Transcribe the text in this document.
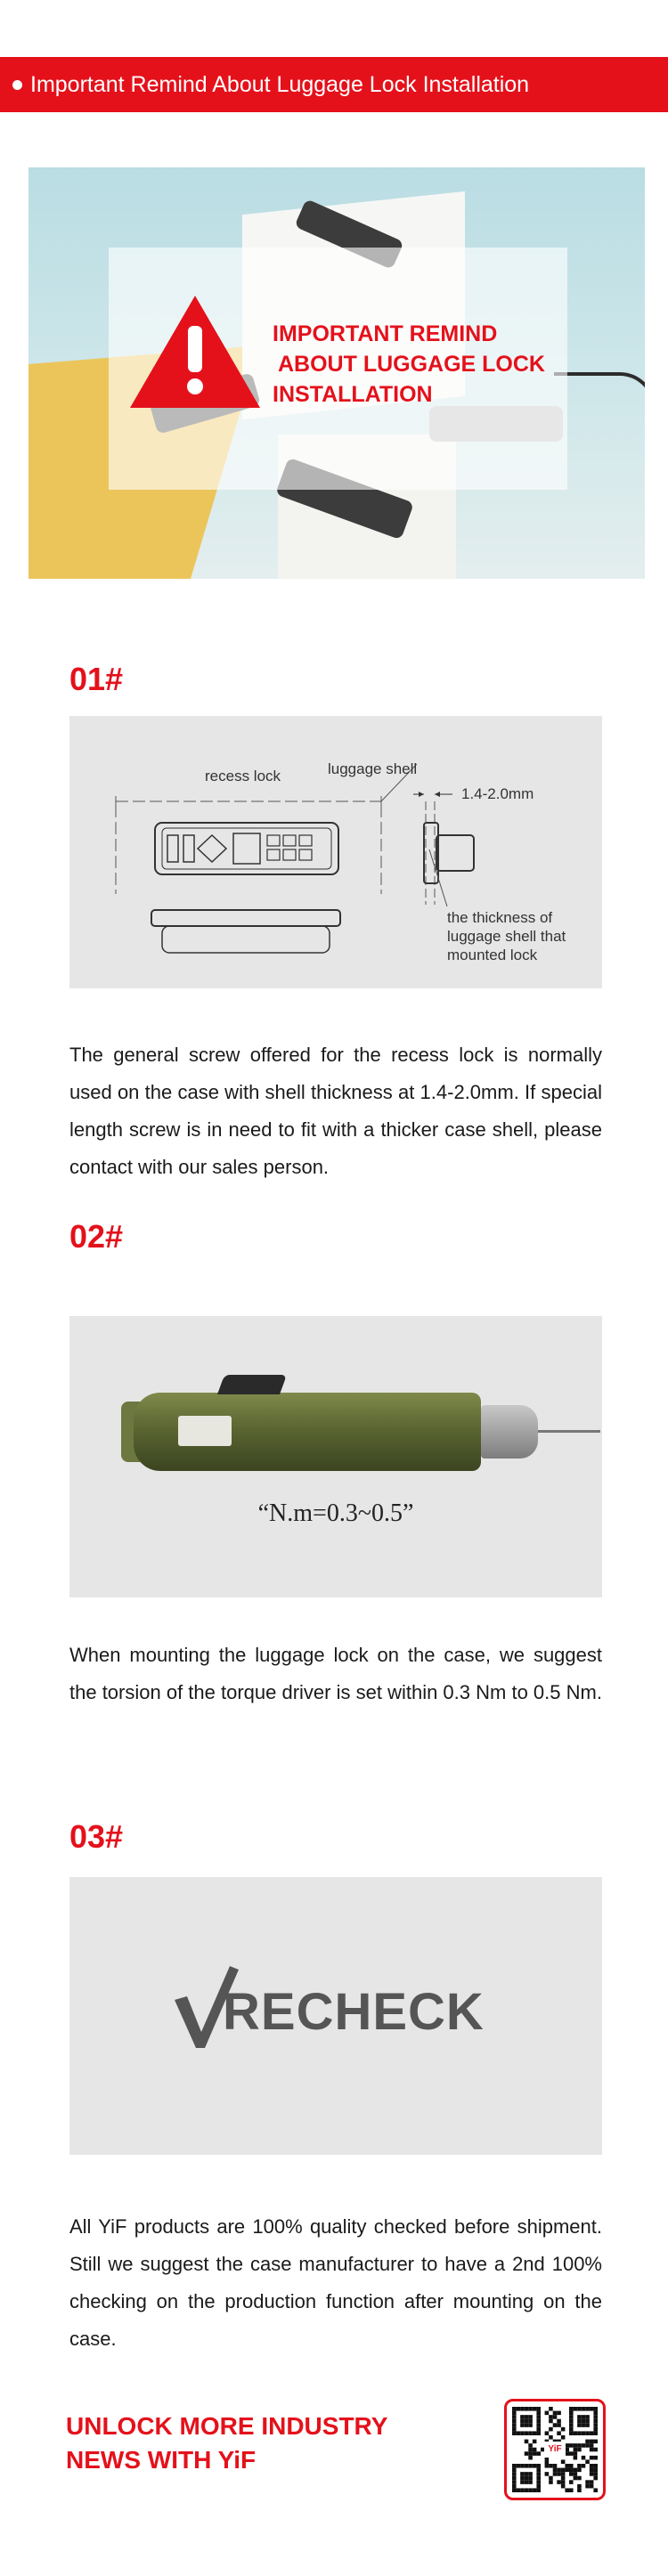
Important Remind About Luggage Lock Installation
IMPORTANT REMIND
ABOUT LUGGAGE LOCK
INSTALLATION
01#
recess lock	luggage shell
1.4-2.0mm
the thickness of
luggage shell that
mounted lock
The general screw offered for the recess lock is normally used on the case with shell thickness at 1.4-2.0mm. If special length screw is in need to fit with a thicker case shell, please contact with our sales person.
02#
“N.m=0.3~0.5”
When mounting the luggage lock on the case, we suggest the torsion of the torque driver is set within 0.3 Nm to 0.5 Nm.
03#
RECHECK
All YiF products are 100% quality checked before shipment. Still we suggest the case manufacturer to have a 2nd 100% checking on the production function after mounting on the case.
UNLOCK MORE INDUSTRY
NEWS WITH YiF	YiF
